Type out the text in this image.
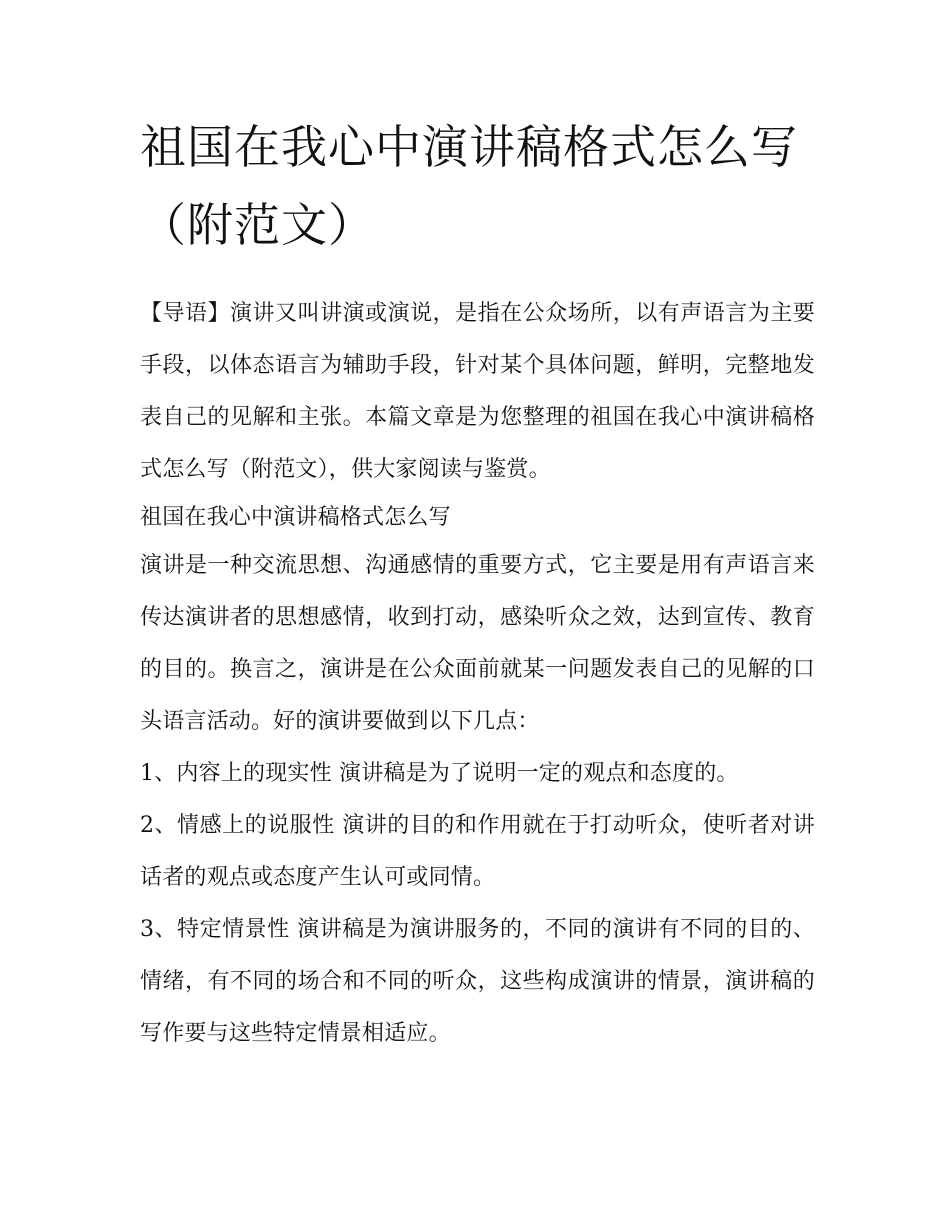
祖国在我心中演讲稿格式怎么写（附范文）

【导语】演讲又叫讲演或演说，是指在公众场所，以有声语言为主要手段，以体态语言为辅助手段，针对某个具体问题，鲜明，完整地发表自己的见解和主张。本篇文章是为您整理的祖国在我心中演讲稿格式怎么写（附范文），供大家阅读与鉴赏。

祖国在我心中演讲稿格式怎么写

演讲是一种交流思想、沟通感情的重要方式，它主要是用有声语言来传达演讲者的思想感情，收到打动，感染听众之效，达到宣传、教育的目的。换言之，演讲是在公众面前就某一问题发表自己的见解的口头语言活动。好的演讲要做到以下几点：

1、内容上的现实性 演讲稿是为了说明一定的观点和态度的。

2、情感上的说服性 演讲的目的和作用就在于打动听众，使听者对讲话者的观点或态度产生认可或同情。

3、特定情景性 演讲稿是为演讲服务的，不同的演讲有不同的目的、情绪，有不同的场合和不同的听众，这些构成演讲的情景，演讲稿的写作要与这些特定情景相适应。
